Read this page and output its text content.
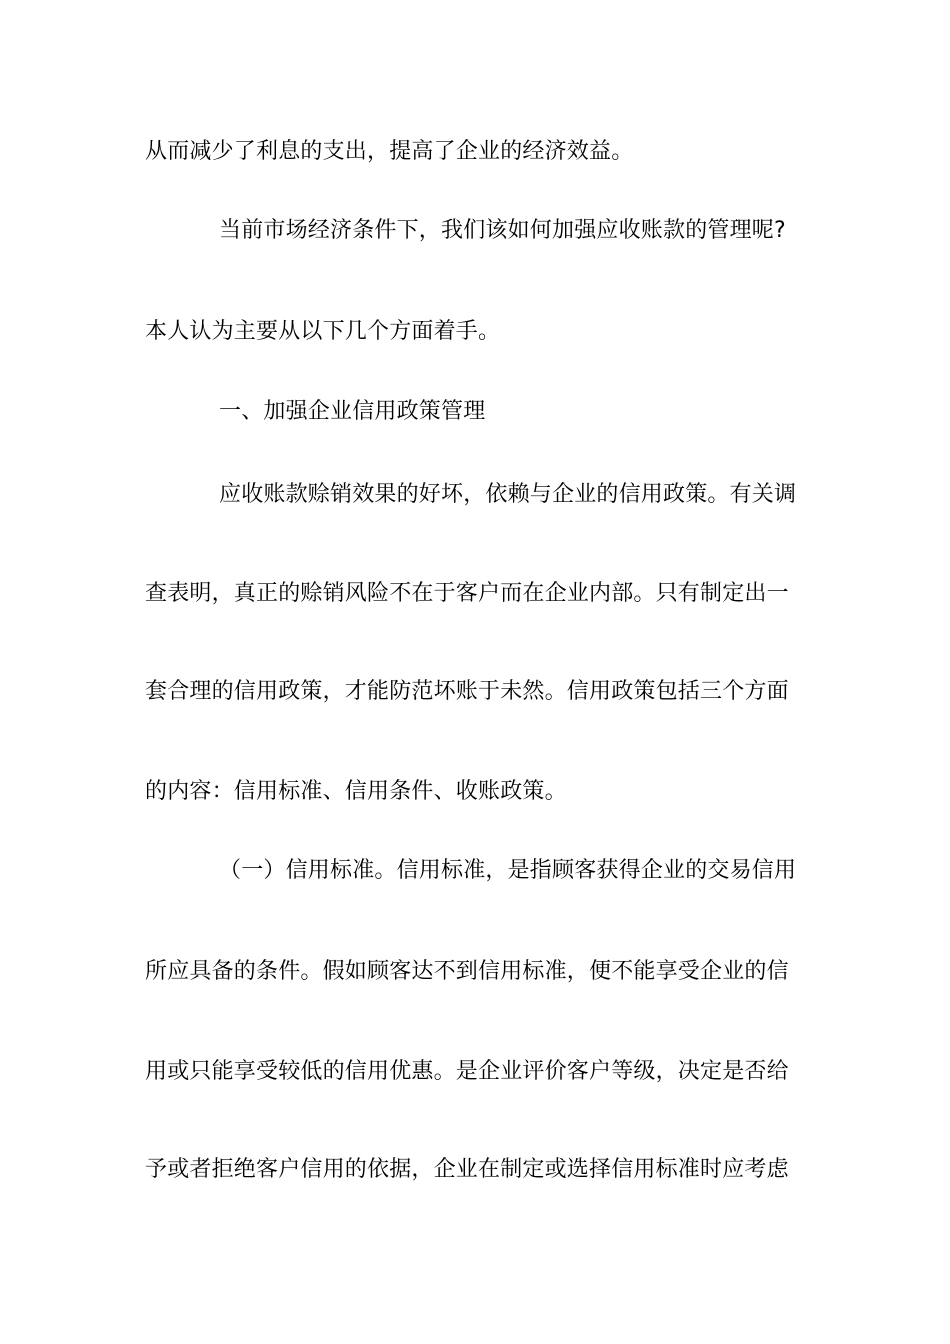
从而减少了利息的支出，提高了企业的经济效益。
当前市场经济条件下，我们该如何加强应收账款的管理呢?
本人认为主要从以下几个方面着手。
一、加强企业信用政策管理
应收账款赊销效果的好坏，依赖与企业的信用政策。有关调
查表明，真正的赊销风险不在于客户而在企业内部。只有制定出一
套合理的信用政策，才能防范坏账于未然。信用政策包括三个方面
的内容：信用标准、信用条件、收账政策。
（一）信用标准。信用标准，是指顾客获得企业的交易信用
所应具备的条件。假如顾客达不到信用标准，便不能享受企业的信
用或只能享受较低的信用优惠。是企业评价客户等级，决定是否给
予或者拒绝客户信用的依据，企业在制定或选择信用标准时应考虑
